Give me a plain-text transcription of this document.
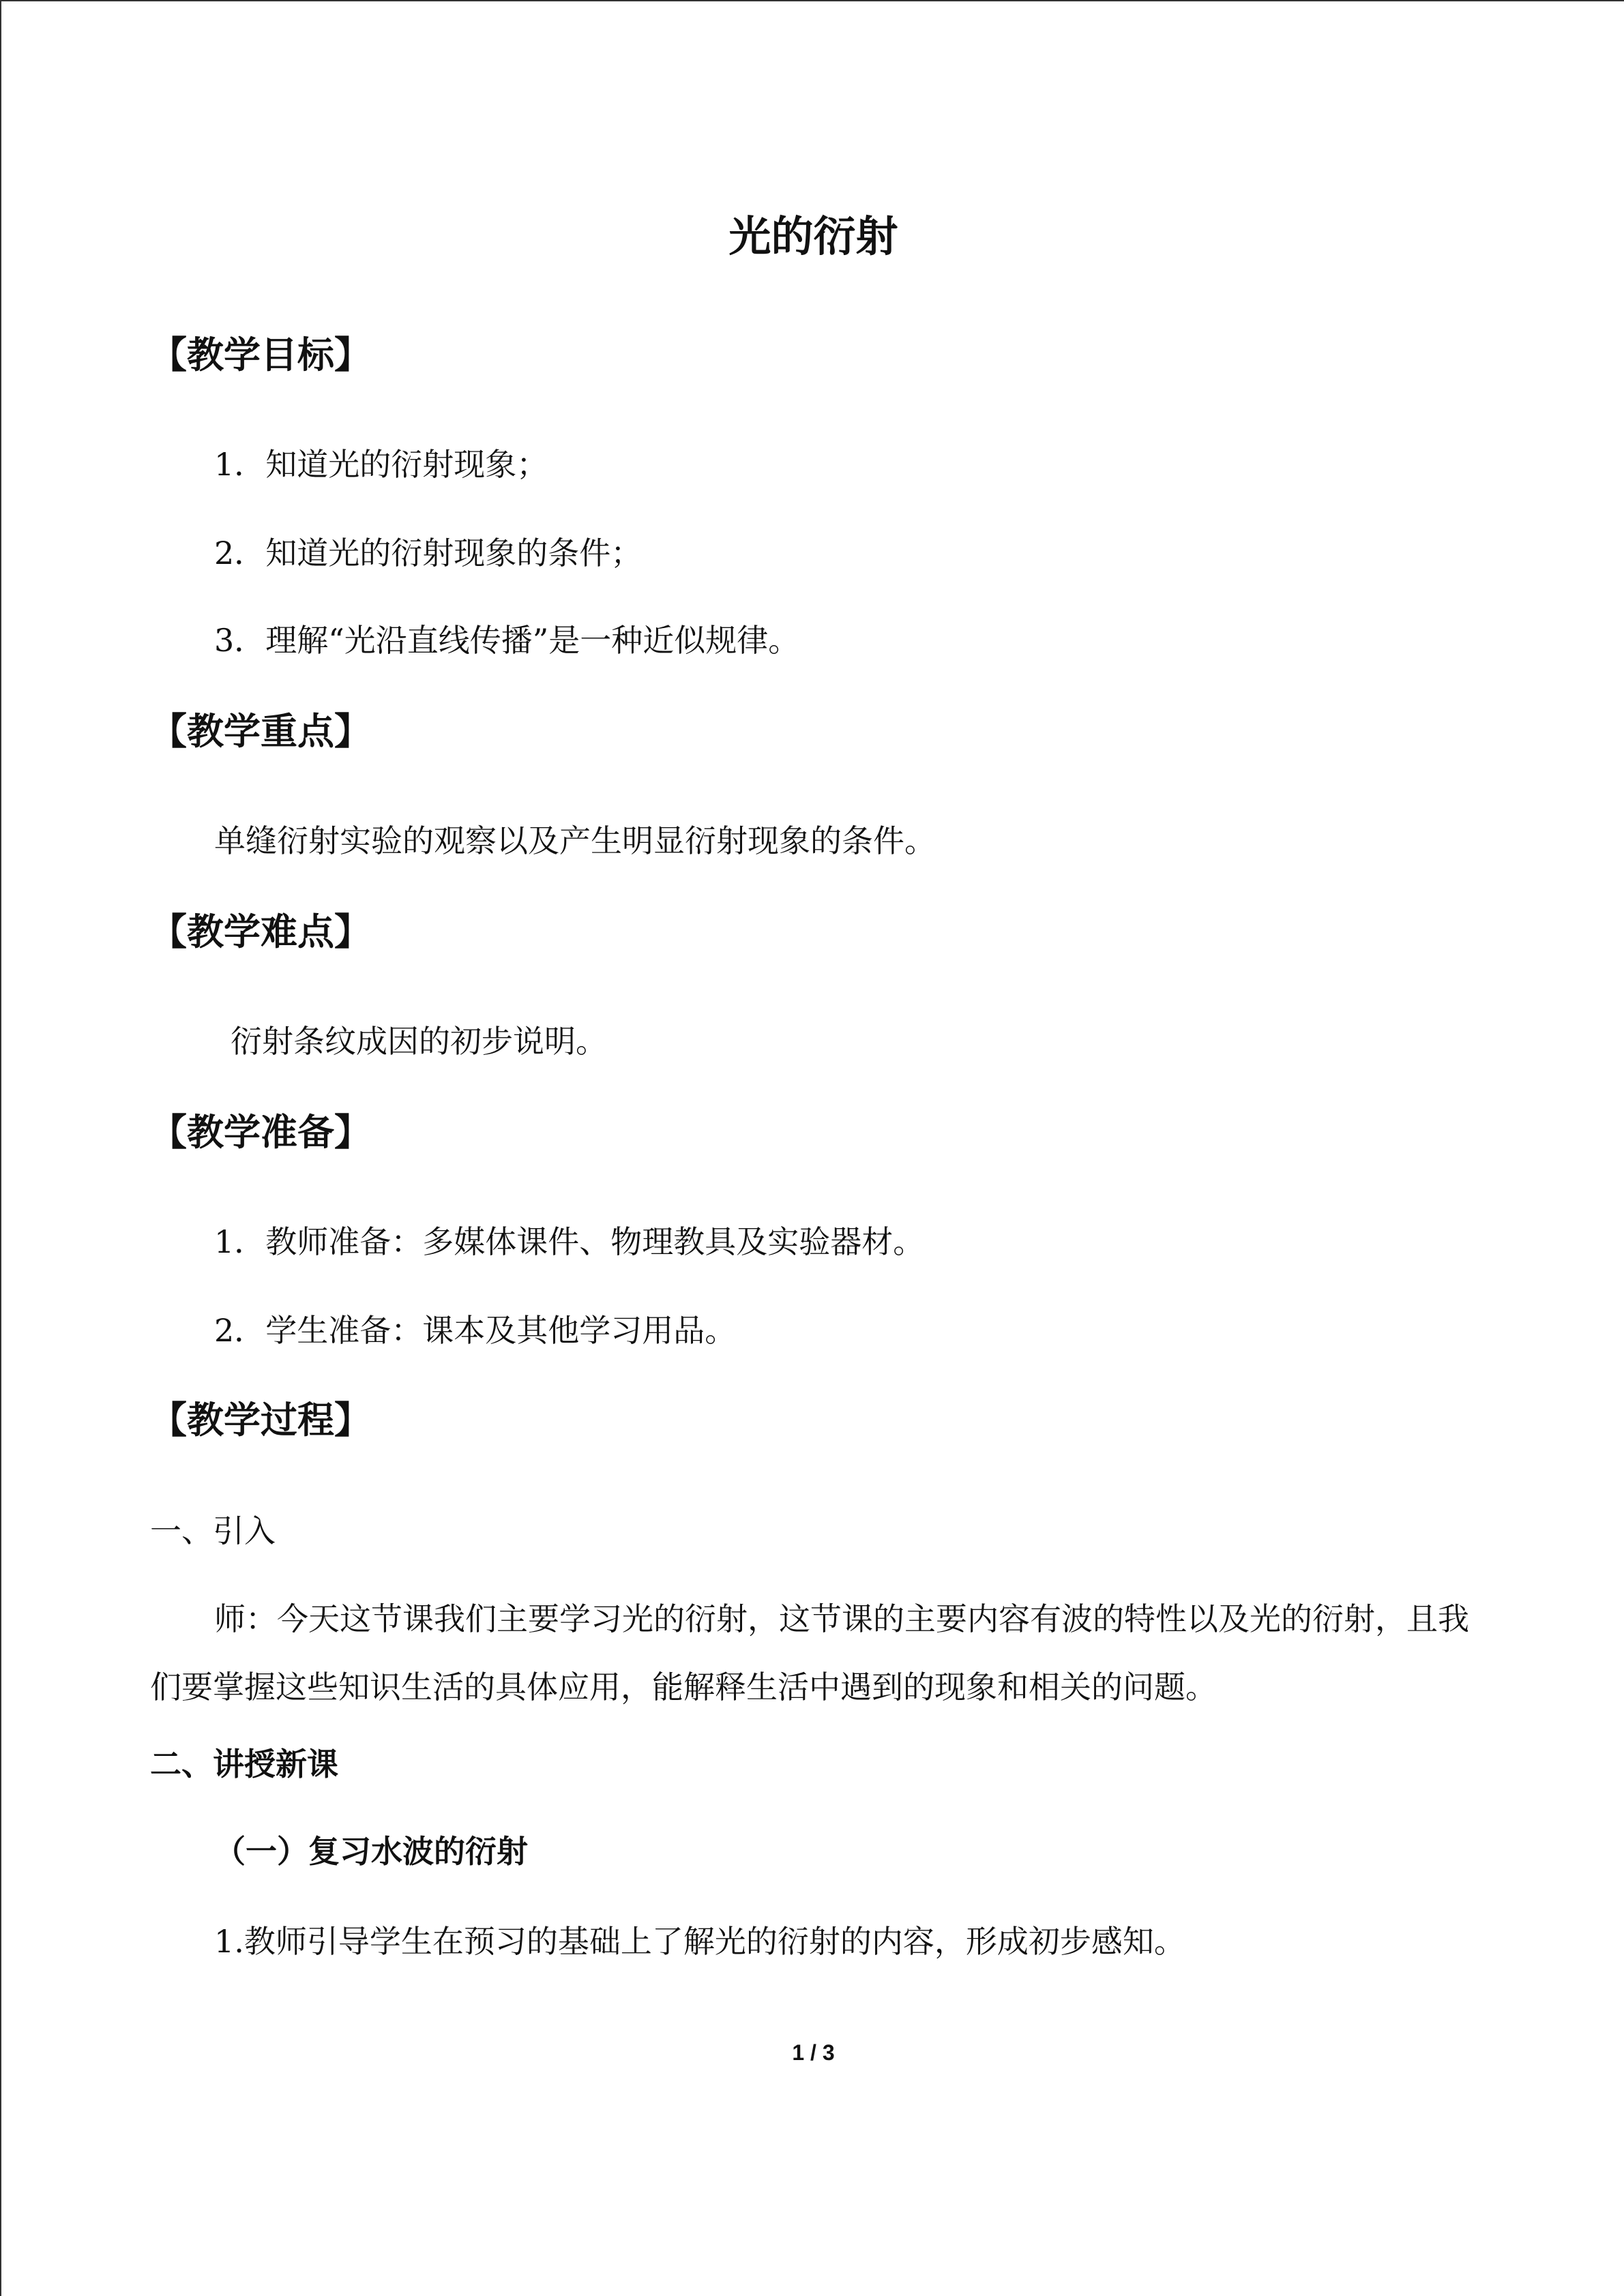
光的衍射
【教学目标】
1．知道光的衍射现象；
2．知道光的衍射现象的条件；
3．理解“光沿直线传播”是一种近似规律。
【教学重点】
单缝衍射实验的观察以及产生明显衍射现象的条件。
【教学难点】
衍射条纹成因的初步说明。
【教学准备】
1．教师准备：多媒体课件、物理教具及实验器材。
2．学生准备：课本及其他学习用品。
【教学过程】
一、引入
师：今天这节课我们主要学习光的衍射，这节课的主要内容有波的特性以及光的衍射，且我们要掌握这些知识生活的具体应用，能解释生活中遇到的现象和相关的问题。
二、讲授新课
（一）复习水波的衍射
1.教师引导学生在预习的基础上了解光的衍射的内容，形成初步感知。
1 / 3
